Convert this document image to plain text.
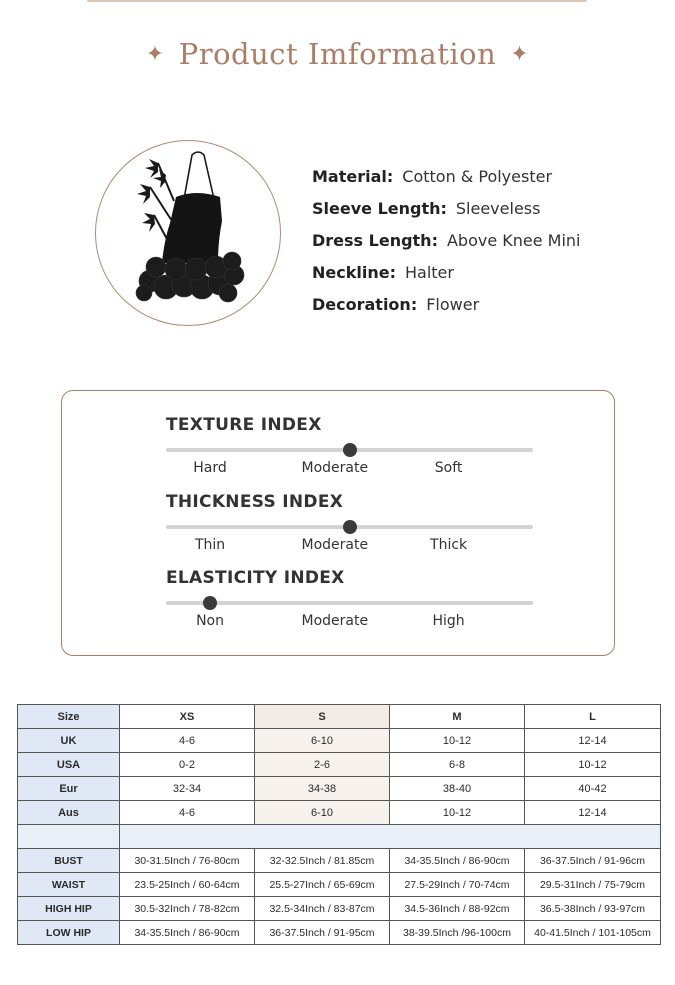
✦ Product Imformation ✦
Material: Cotton & Polyester
Sleeve Length: Sleeveless
Dress Length: Above Knee Mini
Neckline: Halter
Decoration: Flower
TEXTURE INDEX
Hard	Moderate	Soft
THICKNESS INDEX
Thin	Moderate	Thick
ELASTICITY INDEX
Non	Moderate	High
Size	XS	S	M	L
UK	4-6	6-10	10-12	12-14
USA	0-2	2-6	6-8	10-12
Eur	32-34	34-38	38-40	40-42
Aus	4-6	6-10	10-12	12-14

BUST	30-31.5Inch / 76-80cm	32-32.5Inch / 81.85cm	34-35.5Inch / 86-90cm	36-37.5Inch / 91-96cm
WAIST	23.5-25Inch / 60-64cm	25.5-27Inch / 65-69cm	27.5-29Inch / 70-74cm	29.5-31Inch / 75-79cm
HIGH HIP	30.5-32Inch / 78-82cm	32.5-34Inch / 83-87cm	34.5-36Inch / 88-92cm	36.5-38Inch / 93-97cm
LOW HIP	34-35.5Inch / 86-90cm	36-37.5Inch / 91-95cm	38-39.5Inch /96-100cm	40-41.5Inch / 101-105cm
